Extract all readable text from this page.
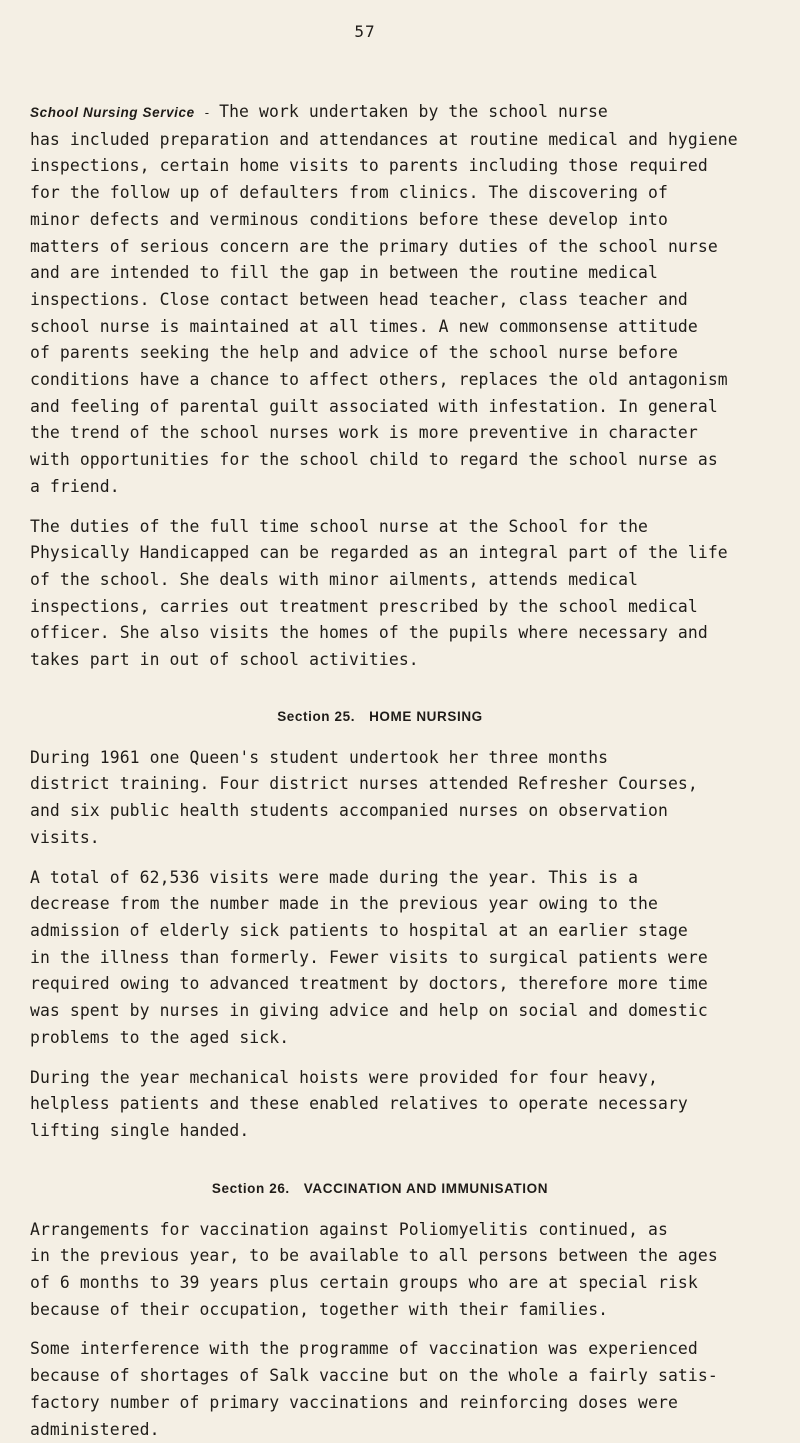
57

School Nursing Service - The work undertaken by the school nurse
has included preparation and attendances at routine medical and hygiene
inspections, certain home visits to parents including those required
for the follow up of defaulters from clinics. The discovering of
minor defects and verminous conditions before these develop into
matters of serious concern are the primary duties of the school nurse
and are intended to fill the gap in between the routine medical
inspections. Close contact between head teacher, class teacher and
school nurse is maintained at all times. A new commonsense attitude
of parents seeking the help and advice of the school nurse before
conditions have a chance to affect others, replaces the old antagonism
and feeling of parental guilt associated with infestation. In general
the trend of the school nurses work is more preventive in character
with opportunities for the school child to regard the school nurse as
a friend.

The duties of the full time school nurse at the School for the
Physically Handicapped can be regarded as an integral part of the life
of the school. She deals with minor ailments, attends medical
inspections, carries out treatment prescribed by the school medical
officer. She also visits the homes of the pupils where necessary and
takes part in out of school activities.

Section 25. HOME NURSING

During 1961 one Queen's student undertook her three months
district training. Four district nurses attended Refresher Courses,
and six public health students accompanied nurses on observation
visits.

A total of 62,536 visits were made during the year. This is a
decrease from the number made in the previous year owing to the
admission of elderly sick patients to hospital at an earlier stage
in the illness than formerly. Fewer visits to surgical patients were
required owing to advanced treatment by doctors, therefore more time
was spent by nurses in giving advice and help on social and domestic
problems to the aged sick.

During the year mechanical hoists were provided for four heavy,
helpless patients and these enabled relatives to operate necessary
lifting single handed.

Section 26. VACCINATION AND IMMUNISATION

Arrangements for vaccination against Poliomyelitis continued, as
in the previous year, to be available to all persons between the ages
of 6 months to 39 years plus certain groups who are at special risk
because of their occupation, together with their families.

Some interference with the programme of vaccination was experienced
because of shortages of Salk vaccine but on the whole a fairly satis-
factory number of primary vaccinations and reinforcing doses were
administered.
